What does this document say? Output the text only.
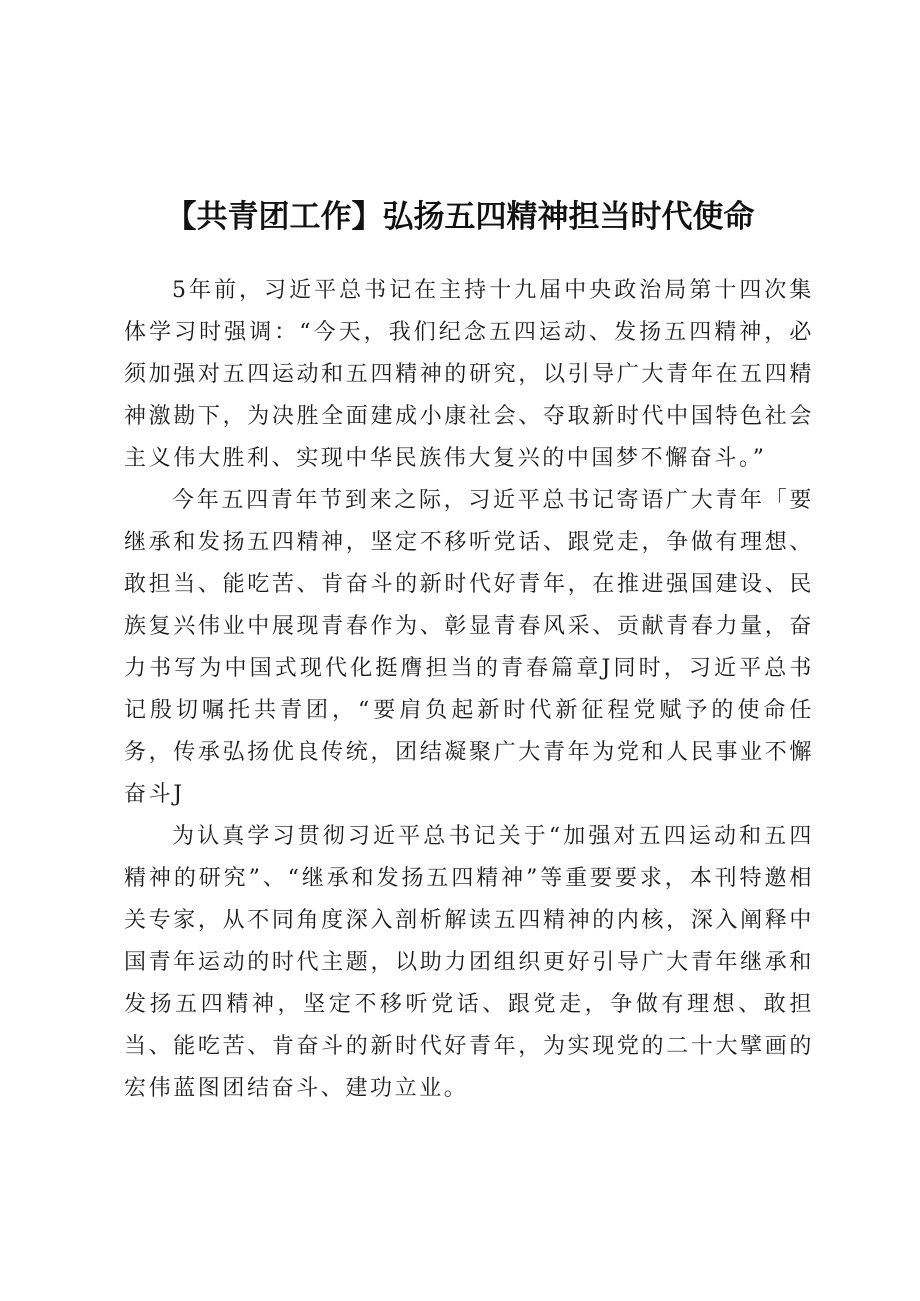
【共青团工作】弘扬五四精神担当时代使命

5年前，习近平总书记在主持十九届中央政治局第十四次集体学习时强调：“今天，我们纪念五四运动、发扬五四精神，必须加强对五四运动和五四精神的研究，以引导广大青年在五四精神激勘下，为决胜全面建成小康社会、夺取新时代中国特色社会主义伟大胜利、实现中华民族伟大复兴的中国梦不懈奋斗。”

今年五四青年节到来之际，习近平总书记寄语广大青年「要继承和发扬五四精神，坚定不移听党话、跟党走，争做有理想、敢担当、能吃苦、肯奋斗的新时代好青年，在推进强国建设、民族复兴伟业中展现青春作为、彰显青春风采、贡献青春力量，奋力书写为中国式现代化挺膺担当的青春篇章J同时，习近平总书记殷切嘱托共青团，“要肩负起新时代新征程党赋予的使命任务，传承弘扬优良传统，团结凝聚广大青年为党和人民事业不懈奋斗J

为认真学习贯彻习近平总书记关于“加强对五四运动和五四精神的研究”、“继承和发扬五四精神”等重要要求，本刊特邀相关专家，从不同角度深入剖析解读五四精神的内核，深入阐释中国青年运动的时代主题，以助力团组织更好引导广大青年继承和发扬五四精神，坚定不移听党话、跟党走，争做有理想、敢担当、能吃苦、肯奋斗的新时代好青年，为实现党的二十大擘画的宏伟蓝图团结奋斗、建功立业。
